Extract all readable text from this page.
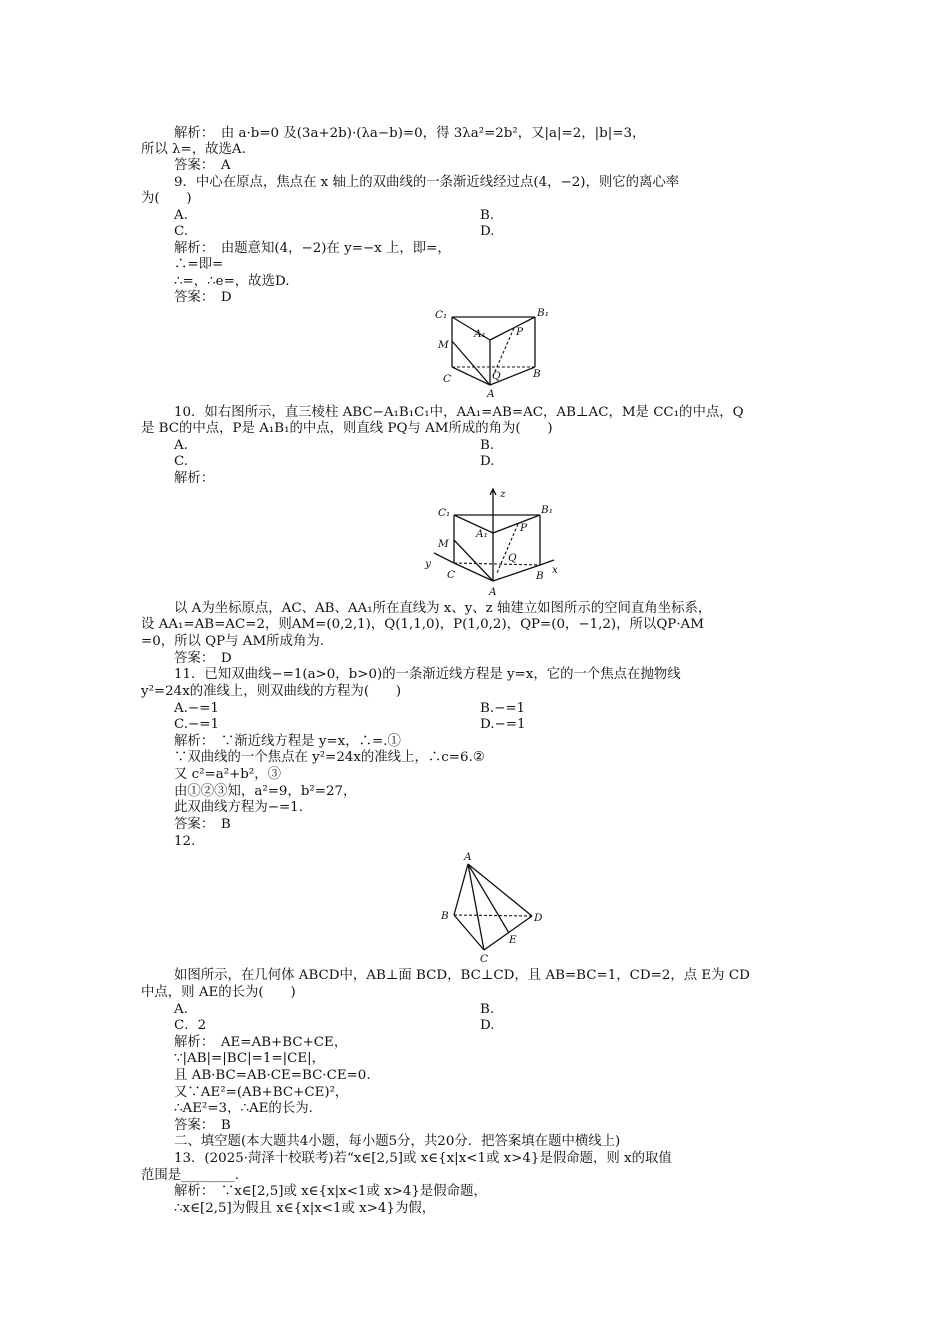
解析：　由 a·b=0 及(3a+2b)·(λa−b)=0，得 3λa²=2b²，又|a|=2，|b|=3，
所以 λ=，故选A.
答案：　A
9．中心在原点，焦点在 x 轴上的双曲线的一条渐近线经过点(4，−2)，则它的离心率
为(　　)
A.	B.
C.	D.
解析：　由题意知(4，−2)在 y=−x 上，即=，
∴=即=
∴=，∴e=，故选D.
答案：　D
C₁	B₁
A₁	P
M
C	Q	B
A
10．如右图所示，直三棱柱 ABC−A₁B₁C₁中，AA₁=AB=AC，AB⊥AC，M是 CC₁的中点，Q
是 BC的中点，P是 A₁B₁的中点，则直线 PQ与 AM所成的角为(　　)
A.	B.
C.	D.
解析：
z
y	x
C₁	B₁
A₁	P
M
C
Q
B
A
以 A为坐标原点，AC、AB、AA₁所在直线为 x、y、z 轴建立如图所示的空间直角坐标系，
设 AA₁=AB=AC=2，则AM=(0,2,1)，Q(1,1,0)，P(1,0,2)，QP=(0，−1,2)，所以QP·AM
=0，所以 QP与 AM所成角为.
答案：　D
11．已知双曲线−=1(a>0，b>0)的一条渐近线方程是 y=x，它的一个焦点在抛物线
y²=24x的准线上，则双曲线的方程为(　　)
A.−=1	B.−=1
C.−=1	D.−=1
解析：　∵渐近线方程是 y=x，∴=.①
∵双曲线的一个焦点在 y²=24x的准线上，∴c=6.②
又 c²=a²+b²，③
由①②③知，a²=9，b²=27，
此双曲线方程为−=1.
答案：　B
12.
A
B	D
E
C
如图所示，在几何体 ABCD中，AB⊥面 BCD，BC⊥CD，且 AB=BC=1，CD=2，点 E为 CD
中点，则 AE的长为(　　)
A.	B.
C．2	D.
解析：　AE=AB+BC+CE，
∵|AB|=|BC|=1=|CE|，
且 AB·BC=AB·CE=BC·CE=0.
又∵AE²=(AB+BC+CE)²，
∴AE²=3，∴AE的长为.
答案：　B
二、填空题(本大题共4小题，每小题5分，共20分．把答案填在题中横线上)
13．(2025·菏泽十校联考)若“x∈[2,5]或 x∈{x|x<1或 x>4}是假命题，则 x的取值
范围是________.
解析：　∵x∈[2,5]或 x∈{x|x<1或 x>4}是假命题，
∴x∈[2,5]为假且 x∈{x|x<1或 x>4}为假，
